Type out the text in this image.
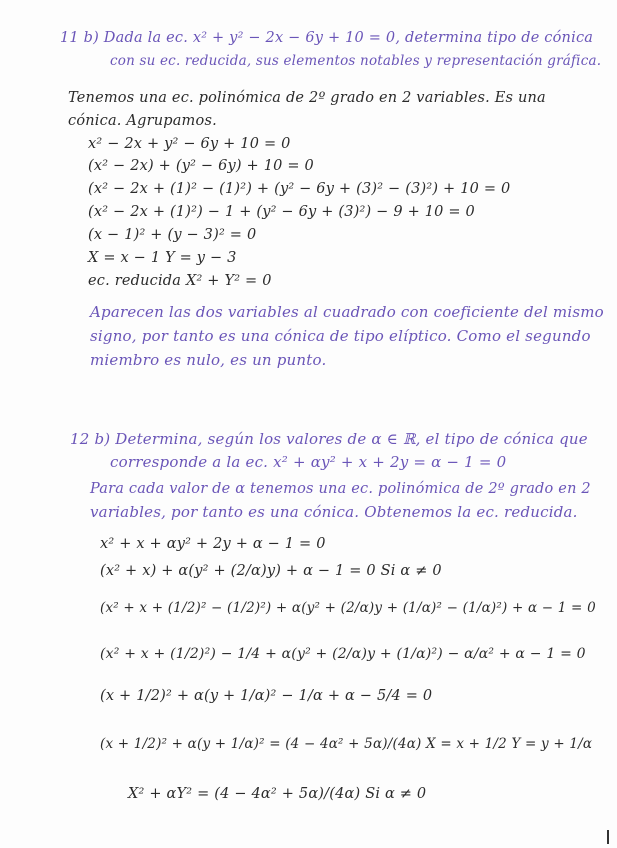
11 b) Dada la ec. x² + y² − 2x − 6y + 10 = 0, determina tipo de cónica

con su ec. reducida, sus elementos notables y representación gráfica.

Tenemos una ec. polinómica de 2º grado en 2 variables. Es una

cónica. Agrupamos.

x² − 2x + y² − 6y + 10 = 0

(x² − 2x) + (y² − 6y) + 10 = 0

(x² − 2x + (1)² − (1)²) + (y² − 6y + (3)² − (3)²) + 10 = 0

(x² − 2x + (1)²) − 1 + (y² − 6y + (3)²) − 9 + 10 = 0

(x − 1)² + (y − 3)² = 0

X = x − 1 Y = y − 3

ec. reducida X² + Y² = 0

Aparecen las dos variables al cuadrado con coeficiente del mismo

signo, por tanto es una cónica de tipo elíptico. Como el segundo

miembro es nulo, es un punto.

12 b) Determina, según los valores de α ∈ ℝ, el tipo de cónica que

corresponde a la ec. x² + αy² + x + 2y = α − 1 = 0

Para cada valor de α tenemos una ec. polinómica de 2º grado en 2

variables, por tanto es una cónica. Obtenemos la ec. reducida.

x² + x + αy² + 2y + α − 1 = 0

(x² + x) + α(y² + (2/α)y) + α − 1 = 0 Si α ≠ 0

(x² + x + (1/2)² − (1/2)²) + α(y² + (2/α)y + (1/α)² − (1/α)²) + α − 1 = 0

(x² + x + (1/2)²) − 1/4 + α(y² + (2/α)y + (1/α)²) − α/α² + α − 1 = 0

(x + 1/2)² + α(y + 1/α)² − 1/α + α − 5/4 = 0

(x + 1/2)² + α(y + 1/α)² = (4 − 4α² + 5α)/(4α) X = x + 1/2 Y = y + 1/α

X² + αY² = (4 − 4α² + 5α)/(4α) Si α ≠ 0
